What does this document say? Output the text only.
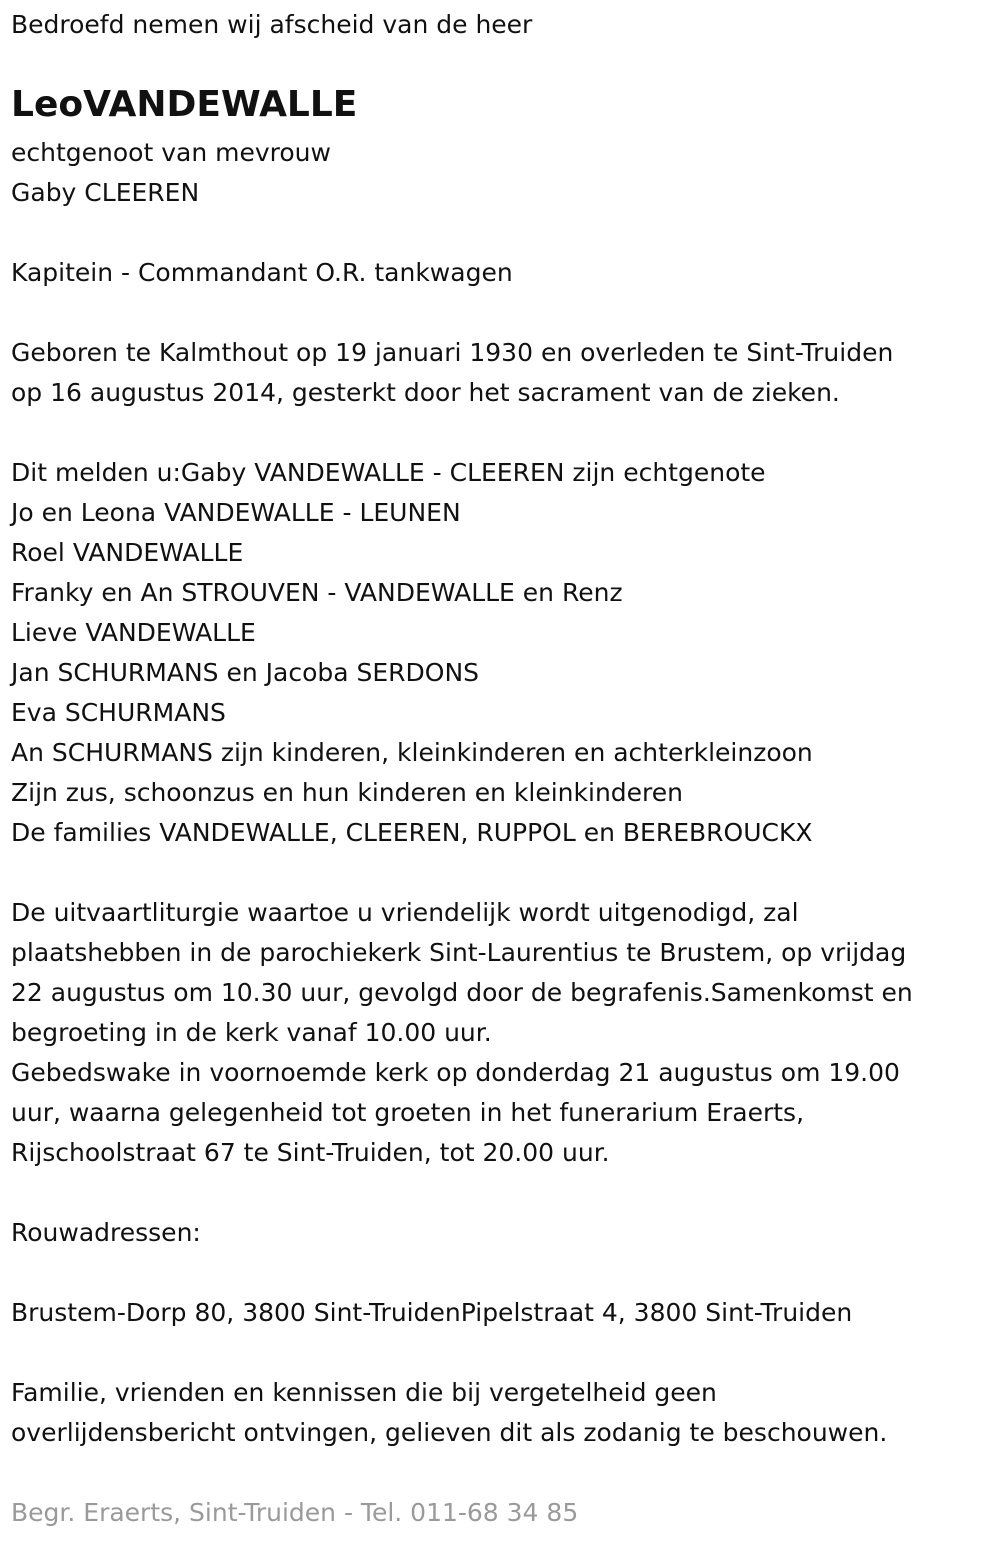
Bedroefd nemen wij afscheid van de heer
LeoVANDEWALLE
echtgenoot van mevrouw
Gaby CLEEREN
Kapitein - Commandant O.R. tankwagen
Geboren te Kalmthout op 19 januari 1930 en overleden te Sint-Truiden
op 16 augustus 2014, gesterkt door het sacrament van de zieken.
Dit melden u:Gaby VANDEWALLE - CLEEREN zijn echtgenote
Jo en Leona VANDEWALLE - LEUNEN
Roel VANDEWALLE
Franky en An STROUVEN - VANDEWALLE en Renz
Lieve VANDEWALLE
Jan SCHURMANS en Jacoba SERDONS
Eva SCHURMANS
An SCHURMANS zijn kinderen, kleinkinderen en achterkleinzoon
Zijn zus, schoonzus en hun kinderen en kleinkinderen
De families VANDEWALLE, CLEEREN, RUPPOL en BEREBROUCKX
De uitvaartliturgie waartoe u vriendelijk wordt uitgenodigd, zal
plaatshebben in de parochiekerk Sint-Laurentius te Brustem, op vrijdag
22 augustus om 10.30 uur, gevolgd door de begrafenis.Samenkomst en
begroeting in de kerk vanaf 10.00 uur.
Gebedswake in voornoemde kerk op donderdag 21 augustus om 19.00
uur, waarna gelegenheid tot groeten in het funerarium Eraerts,
Rijschoolstraat 67 te Sint-Truiden, tot 20.00 uur.
Rouwadressen:
Brustem-Dorp 80, 3800 Sint-TruidenPipelstraat 4, 3800 Sint-Truiden
Familie, vrienden en kennissen die bij vergetelheid geen
overlijdensbericht ontvingen, gelieven dit als zodanig te beschouwen.
Begr. Eraerts, Sint-Truiden - Tel. 011-68 34 85
